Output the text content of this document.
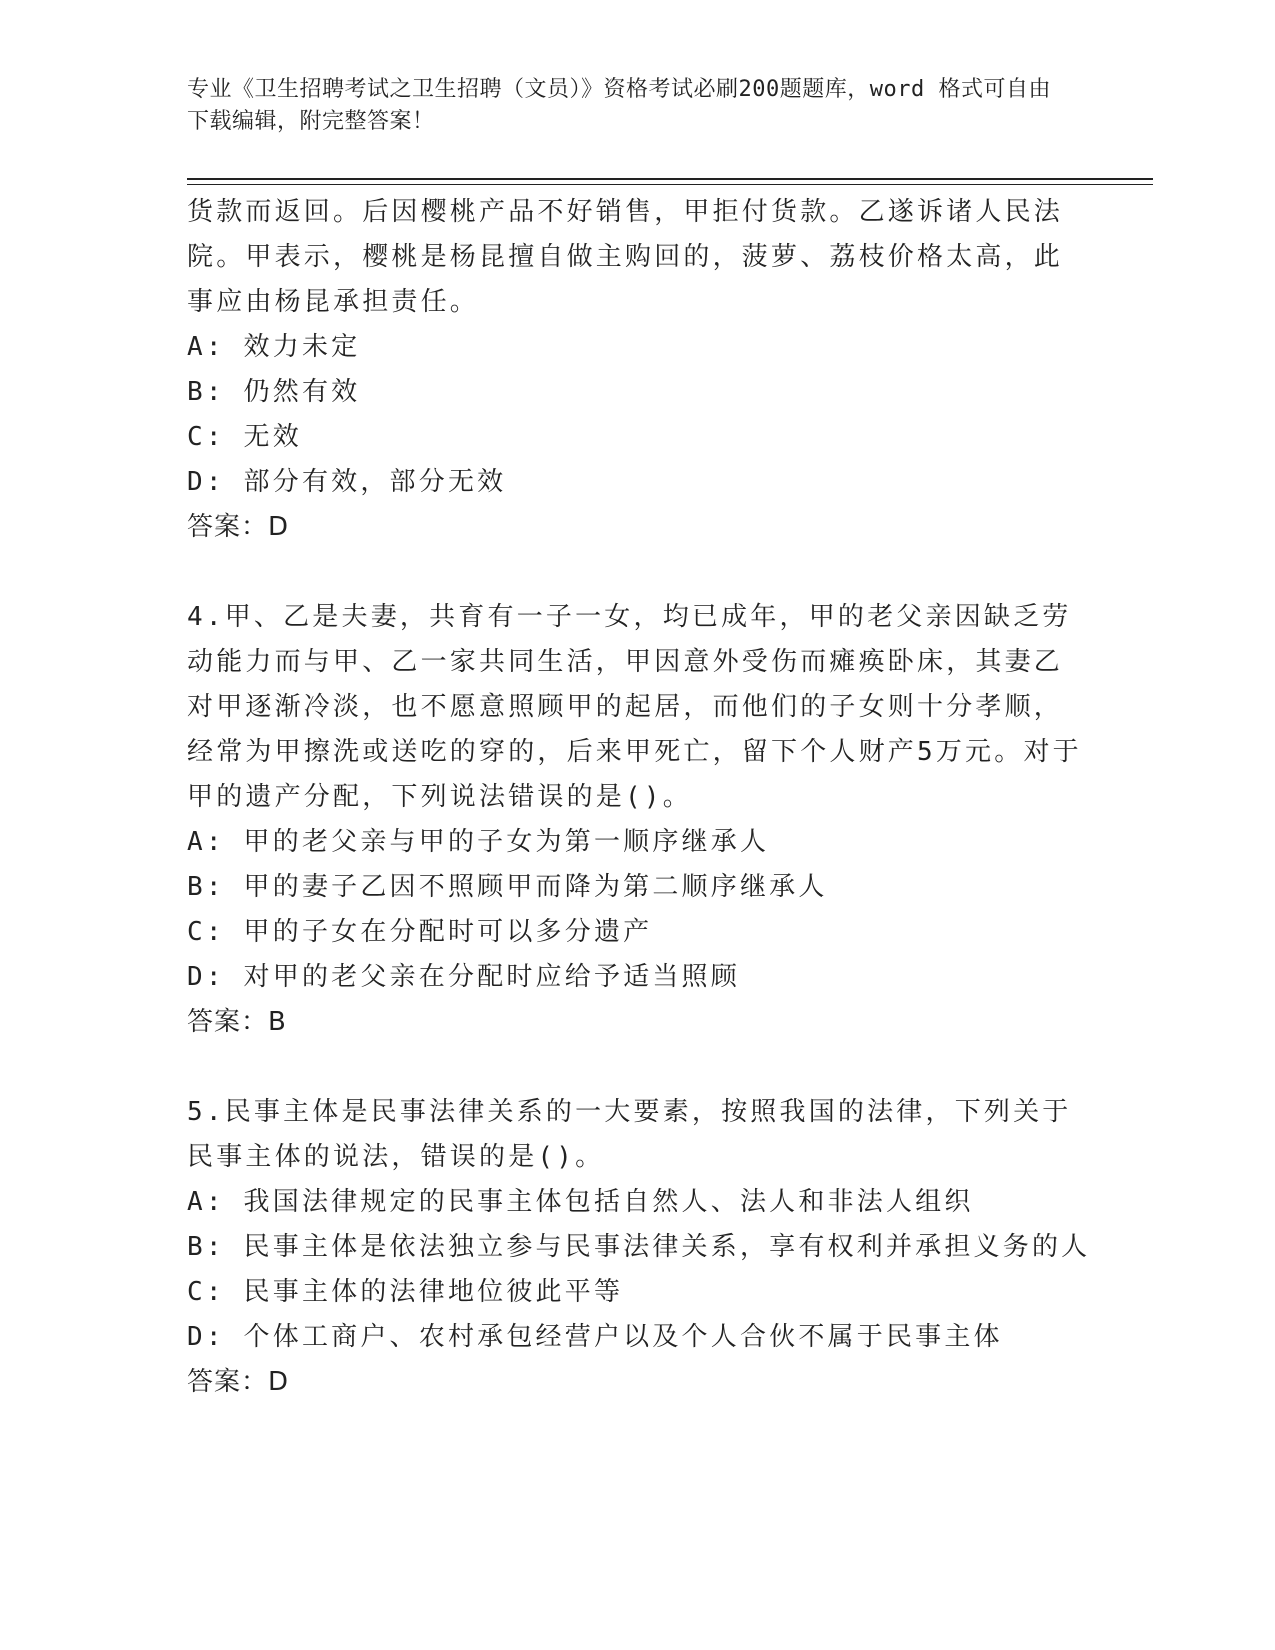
专业《卫生招聘考试之卫生招聘（文员）》资格考试必刷200题题库，word 格式可自由下载编辑，附完整答案！

货款而返回。后因樱桃产品不好销售，甲拒付货款。乙遂诉诸人民法院。甲表示，樱桃是杨昆擅自做主购回的，菠萝、荔枝价格太高，此事应由杨昆承担责任。

A: 效力未定

B: 仍然有效

C: 无效

D: 部分有效，部分无效

答案：D

4.甲、乙是夫妻，共育有一子一女，均已成年，甲的老父亲因缺乏劳动能力而与甲、乙一家共同生活，甲因意外受伤而瘫痪卧床，其妻乙对甲逐渐冷淡，也不愿意照顾甲的起居，而他们的子女则十分孝顺，经常为甲擦洗或送吃的穿的，后来甲死亡，留下个人财产5万元。对于甲的遗产分配，下列说法错误的是()。

A: 甲的老父亲与甲的子女为第一顺序继承人

B: 甲的妻子乙因不照顾甲而降为第二顺序继承人

C: 甲的子女在分配时可以多分遗产

D: 对甲的老父亲在分配时应给予适当照顾

答案：B

5.民事主体是民事法律关系的一大要素，按照我国的法律，下列关于民事主体的说法，错误的是()。

A: 我国法律规定的民事主体包括自然人、法人和非法人组织

B: 民事主体是依法独立参与民事法律关系，享有权利并承担义务的人

C: 民事主体的法律地位彼此平等

D: 个体工商户、农村承包经营户以及个人合伙不属于民事主体

答案：D
